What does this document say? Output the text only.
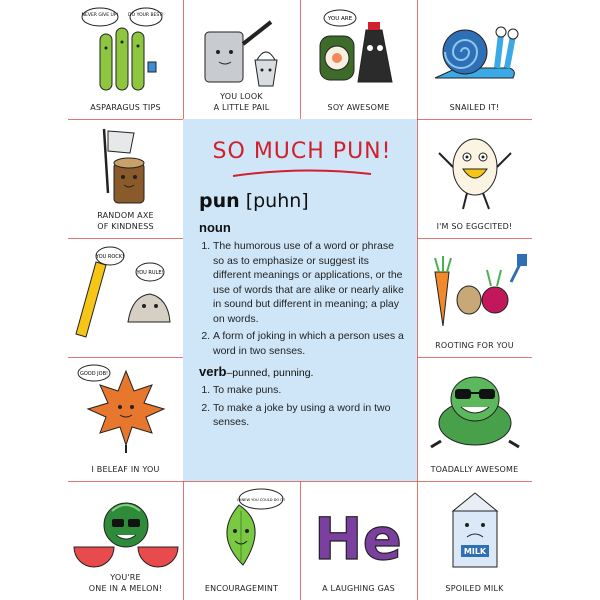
NEVER GIVE UP! DO YOUR BEST!
ASPARAGUS TIPS
YOU LOOK
A LITTLE PAIL
YOU ARE
SOY AWESOME	SNAILED IT!
RANDOM AXE
OF KINDNESS	I'M SO EGGCITED!
YOU ROCK!
YOU RULE!
ROOTING FOR YOU
GOOD JOB!
I BELEAF IN YOU	TOADALLY AWESOME
YOU'RE
ONE IN A MELON!
I KNEW YOU COULD DO IT!
ENCOURAGEMINT
He
A LAUGHING GAS
MILK
SPOILED MILK
SO MUCH PUN!
pun [puhn]
noun
1. The humorous use of a word or phrase so as to emphasize or suggest its different meanings or applications, or the use of words that are alike or nearly alike in sound but different in meaning; a play on words.
2. A form of joking in which a person uses a word in two senses.
verb–punned, punning.
1. To make puns.
2. To make a joke by using a word in two senses.
